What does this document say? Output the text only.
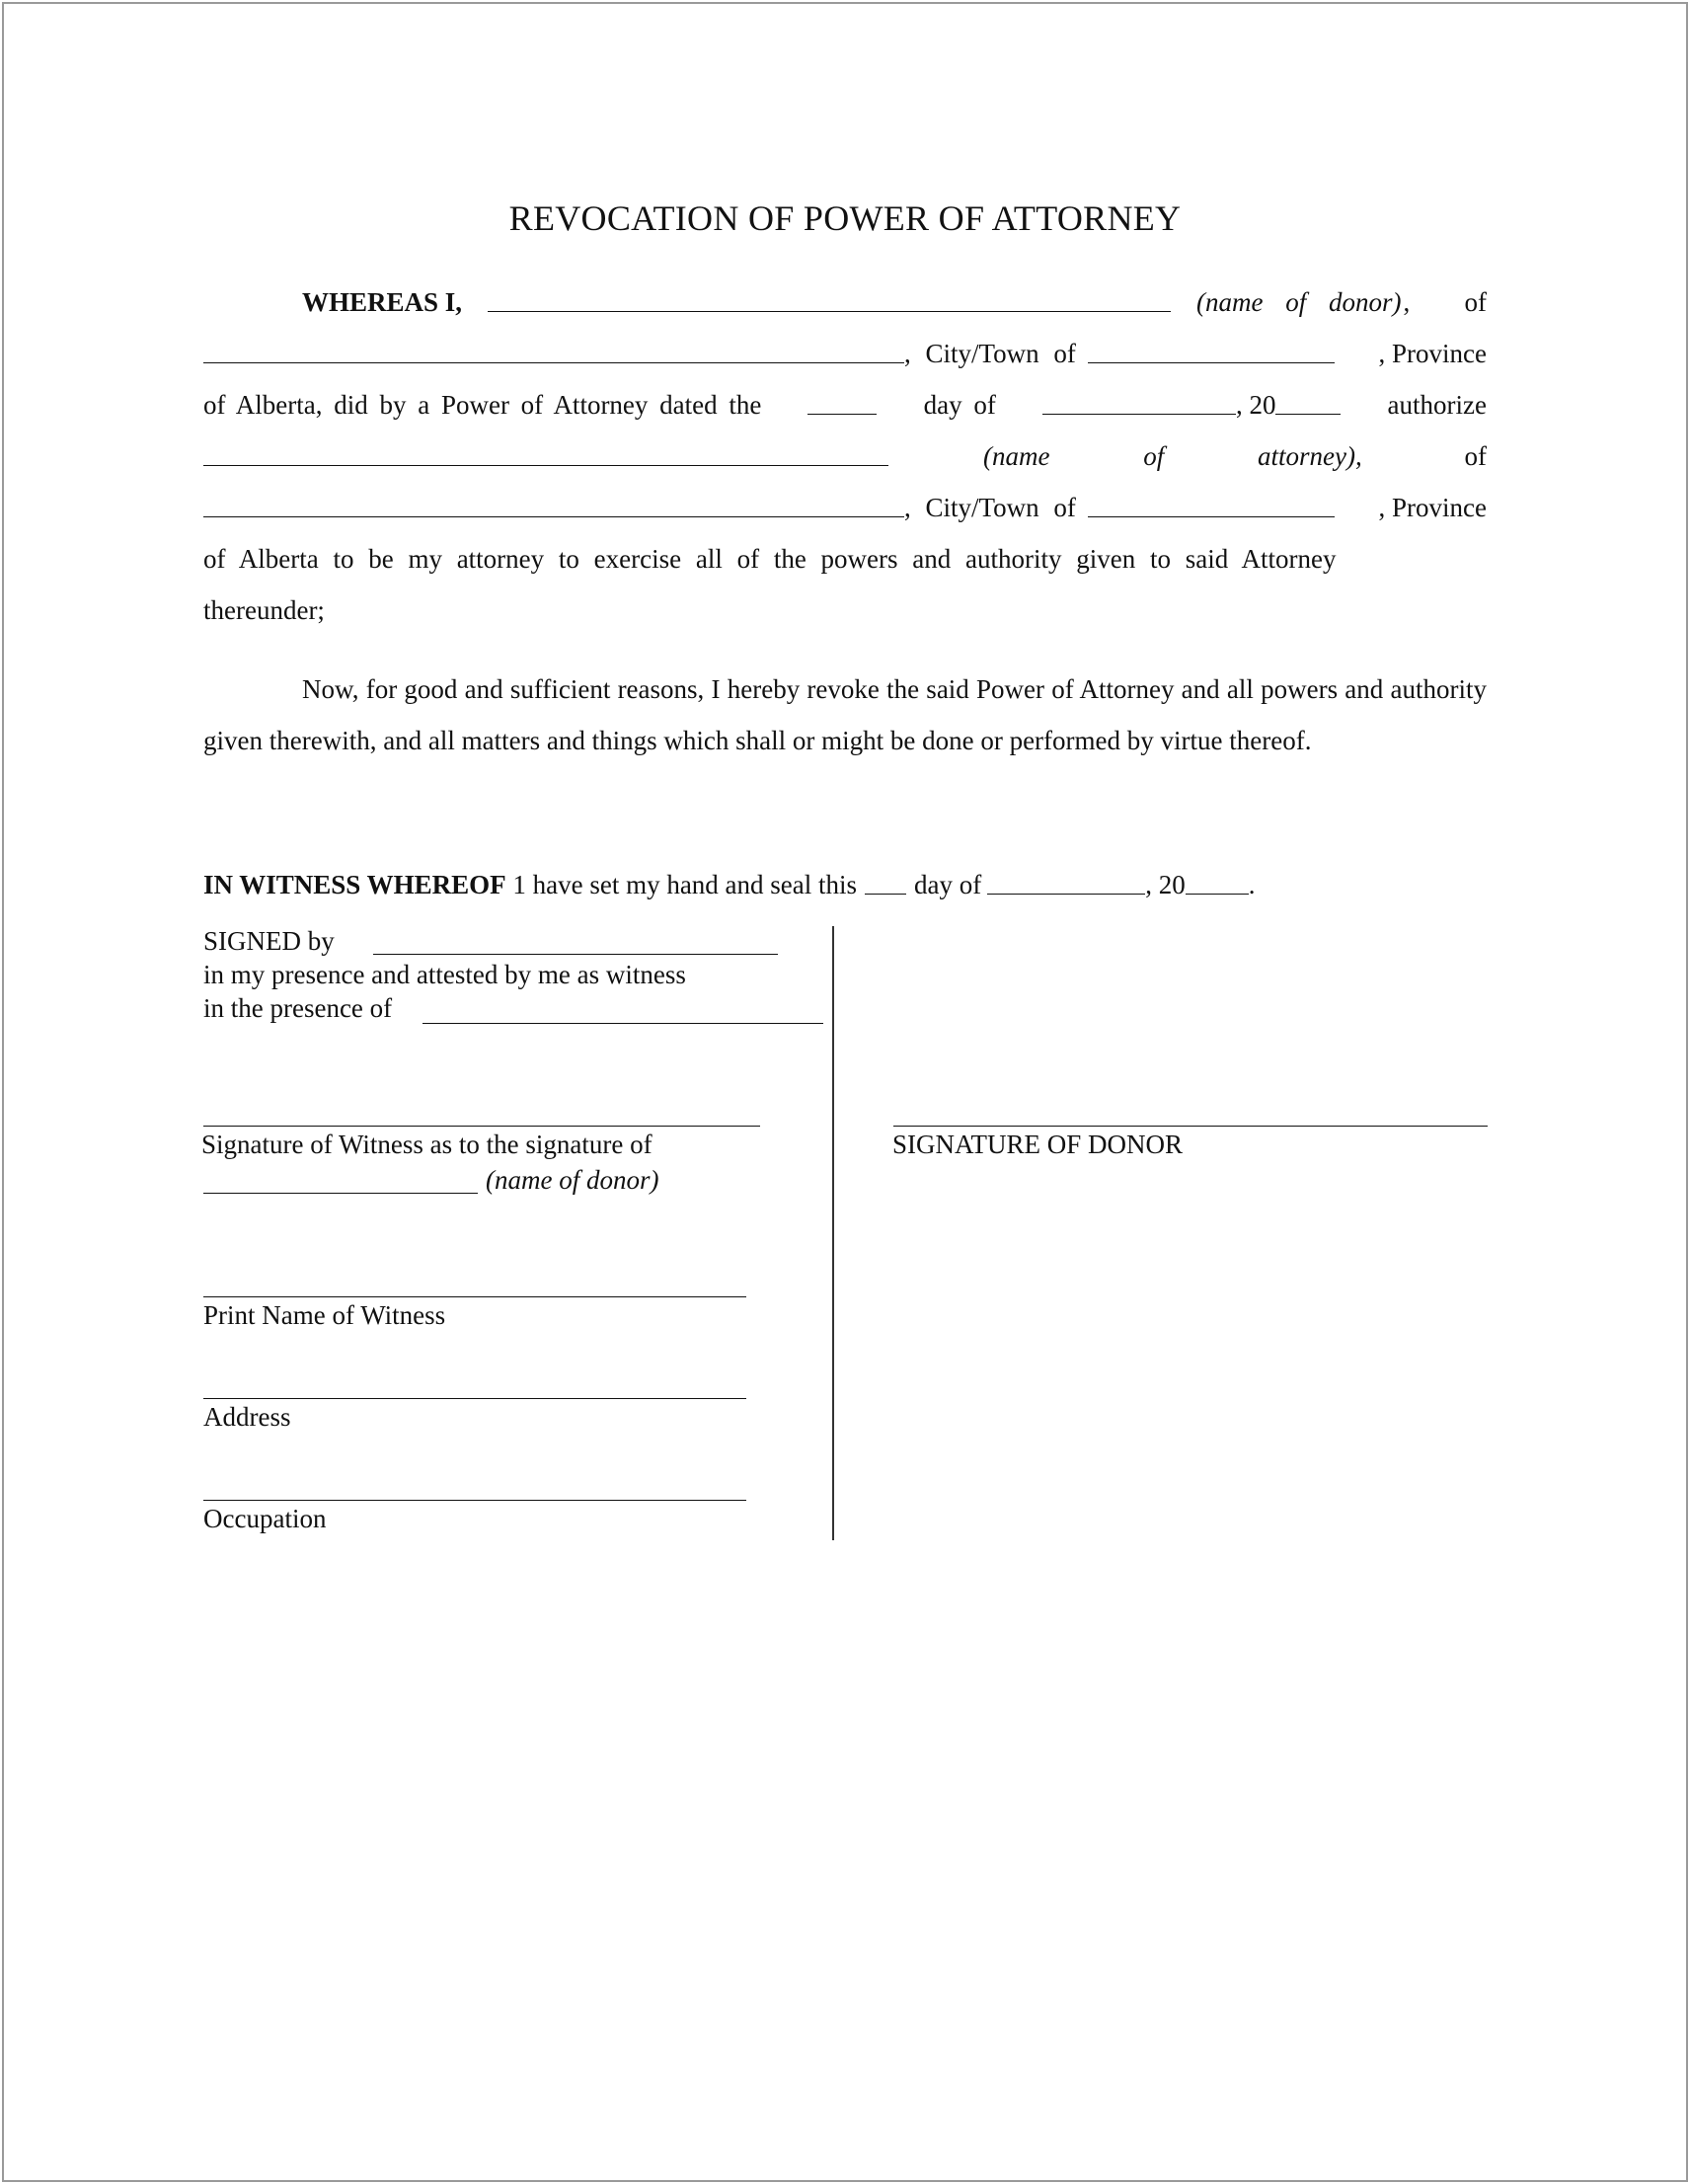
REVOCATION OF POWER OF ATTORNEY
WHEREAS I,	(name of donor) , of
, City/Town of	, Province
of Alberta, did by a Power of Attorney dated the	day of	, 20	authorize
(name of attorney),	of
, City/Town of	, Province
of Alberta to be my attorney to exercise all of the powers and authority given to said Attorney
thereunder;
Now, for good and sufficient reasons, I hereby revoke the said Power of Attorney and all powers and authority given therewith, and all matters and things which shall or might be done or performed by virtue thereof.
IN WITNESS WHEREOF 1 have set my hand and seal this day of	, 20 .
SIGNED by
in my presence and attested by me as witness
in the presence of
Signature of Witness as to the signature of
(name of donor)
Print Name of Witness
Address
Occupation
SIGNATURE OF DONOR
